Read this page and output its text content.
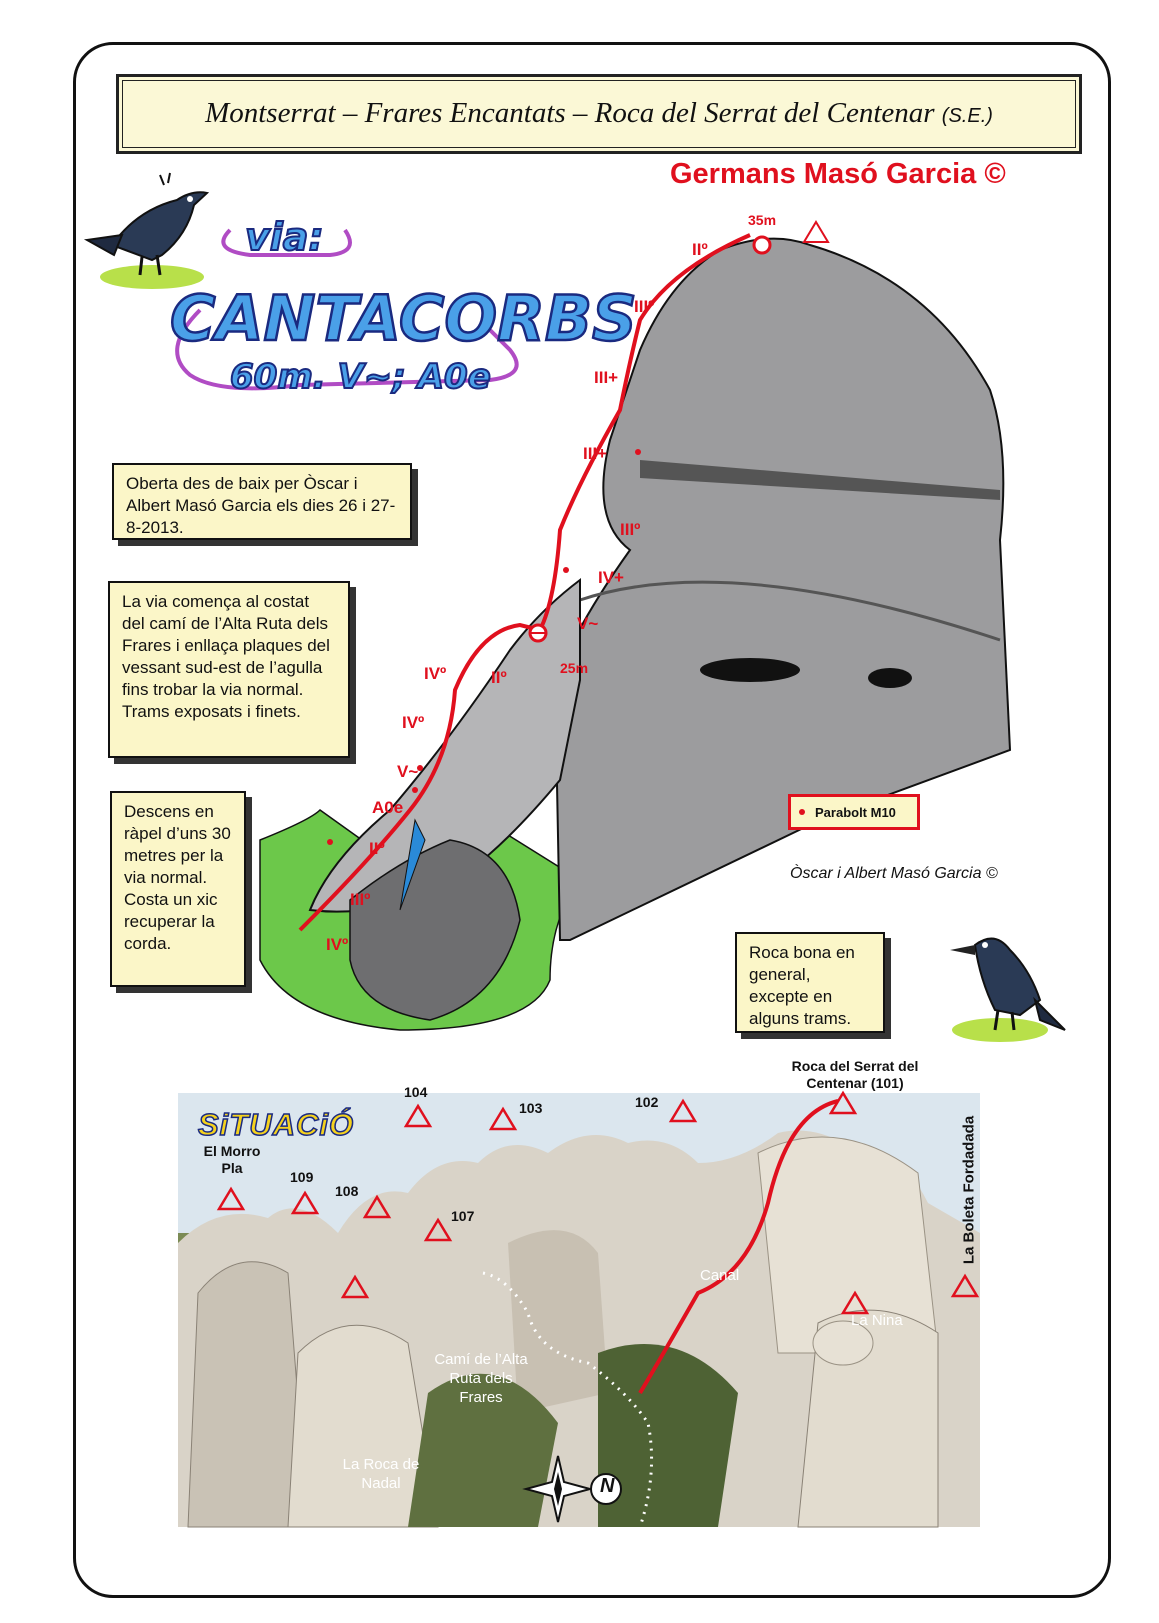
Montserrat – Frares Encantats – Roca del Serrat del Centenar (S.E.)
Germans Masó Garcia ©
via:
CANTACORBS
60m. V~; A0e
IIº
IIIº
III+
III+
IIIº
IV+
V~
IVº	IIº
IVº
V~
A0e
IIº
IIIº
IVº
35m
25m
Oberta des de baix per Òscar i Albert Masó Garcia els dies 26 i 27-8-2013.
La via comença al costat del camí de l’Alta Ruta dels Frares i enllaça plaques del vessant sud-est de l’agulla fins trobar la via normal. Trams exposats i finets.
Descens en ràpel d’uns 30 metres per la via normal. Costa un xic recuperar la corda.	Roca bona en general, excepte en alguns trams.
Parabolt M10
Òscar i Albert Masó Garcia ©
SiTUACiÓ
El Morro Pla
109
108
107
104
103	102
Roca del Serrat del Centenar (101)
La Boleta Fordadada
Canal
La Nina
Camí de l’Alta Ruta dels Frares
La Roca de Nadal	N
